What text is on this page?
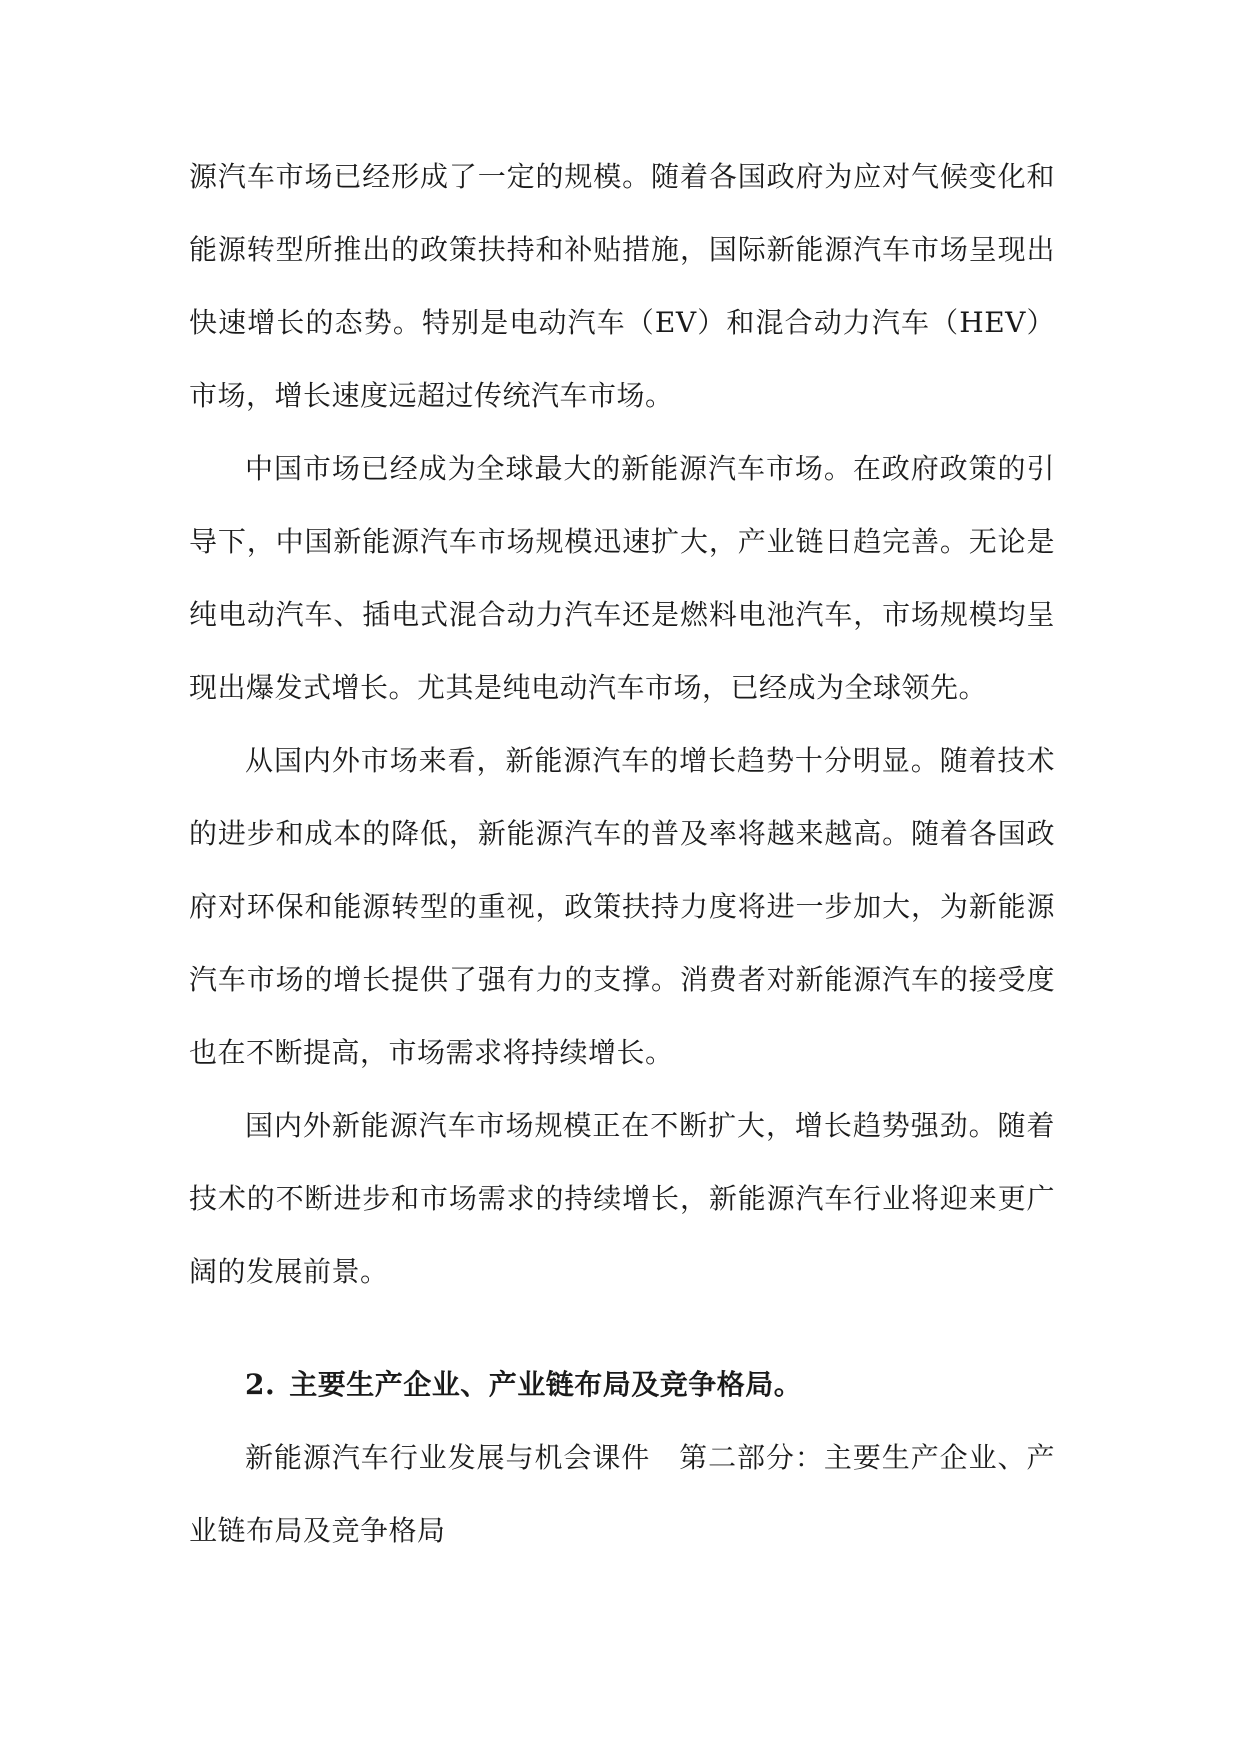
源汽车市场已经形成了一定的规模。随着各国政府为应对气候变化和能源转型所推出的政策扶持和补贴措施，国际新能源汽车市场呈现出快速增长的态势。特别是电动汽车（EV）和混合动力汽车（HEV）市场，增长速度远超过传统汽车市场。

中国市场已经成为全球最大的新能源汽车市场。在政府政策的引导下，中国新能源汽车市场规模迅速扩大，产业链日趋完善。无论是纯电动汽车、插电式混合动力汽车还是燃料电池汽车，市场规模均呈现出爆发式增长。尤其是纯电动汽车市场，已经成为全球领先。

从国内外市场来看，新能源汽车的增长趋势十分明显。随着技术的进步和成本的降低，新能源汽车的普及率将越来越高。随着各国政府对环保和能源转型的重视，政策扶持力度将进一步加大，为新能源汽车市场的增长提供了强有力的支撑。消费者对新能源汽车的接受度也在不断提高，市场需求将持续增长。

国内外新能源汽车市场规模正在不断扩大，增长趋势强劲。随着技术的不断进步和市场需求的持续增长，新能源汽车行业将迎来更广阔的发展前景。

2. 主要生产企业、产业链布局及竞争格局。

新能源汽车行业发展与机会课件　第二部分：主要生产企业、产业链布局及竞争格局
